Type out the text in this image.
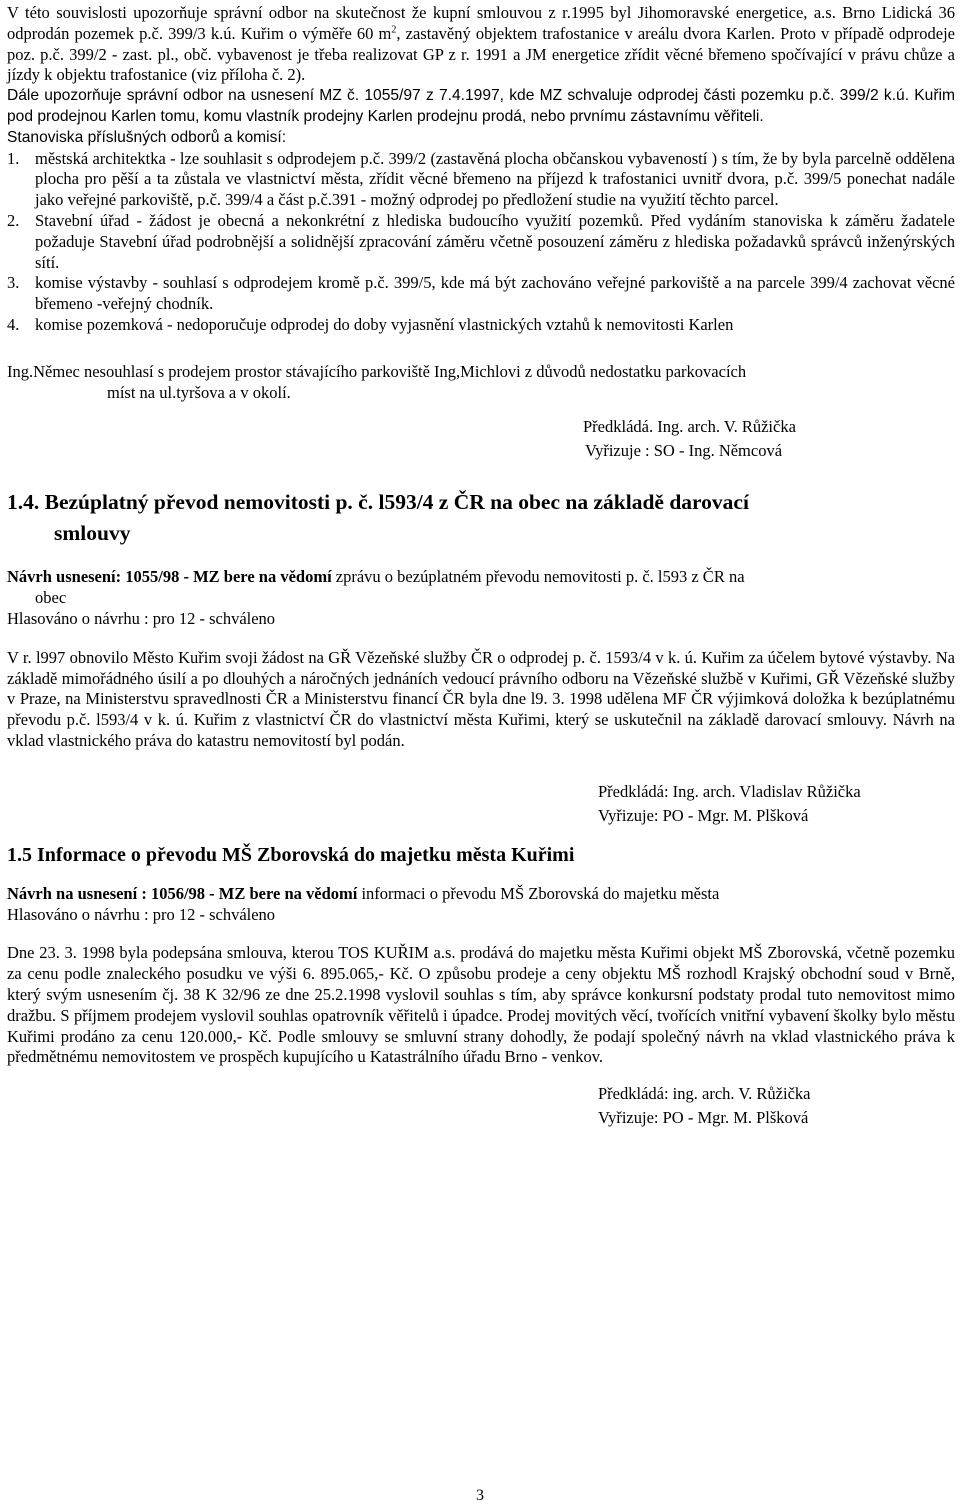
V této souvislosti upozorňuje správní odbor na skutečnost že kupní smlouvou z r.1995 byl Jihomoravské energetice, a.s. Brno Lidická 36 odprodán pozemek p.č. 399/3 k.ú. Kuřim o výměře 60 $m^2$, zastavěný objektem trafostanice v areálu dvora Karlen. Proto v případě odprodeje poz. p.č. 399/2 - zast. pl., obč. vybavenost je třeba realizovat GP z r. 1991 a JM energetice zřídit věcné břemeno spočívající v právu chůze a jízdy k objektu trafostanice (viz příloha č. 2).

Dále upozorňuje správní odbor na usnesení MZ č. 1055/97 z 7.4.1997, kde MZ schvaluje odprodej části pozemku p.č. 399/2 k.ú. Kuřim pod prodejnou Karlen tomu, komu vlastník prodejny Karlen prodejnu prodá, nebo prvnímu zástavnímu věřiteli.

Stanoviska příslušných odborů a komisí:

1. městská architektka - lze souhlasit s odprodejem p.č. 399/2 (zastavěná plocha občanskou vybaveností ) s tím, že by byla parcelně oddělena plocha pro pěší a ta zůstala ve vlastnictví města, zřídit věcné břemeno na příjezd k trafostanici uvnitř dvora, p.č. 399/5 ponechat nadále jako veřejné parkoviště, p.č. 399/4 a část p.č.391 - možný odprodej po předložení studie na využití těchto parcel.
2. Stavební úřad - žádost je obecná a nekonkrétní z hlediska budoucího využití pozemků. Před vydáním stanoviska k záměru žadatele požaduje Stavební úřad podrobnější a solidnější zpracování záměru včetně posouzení záměru z hlediska požadavků správců inženýrských sítí.
3. komise výstavby - souhlasí s odprodejem kromě p.č. 399/5, kde má být zachováno veřejné parkoviště a na parcele 399/4 zachovat věcné břemeno -veřejný chodník.
4. komise pozemková - nedoporučuje odprodej do doby vyjasnění vlastnických vztahů k nemovitosti Karlen

Ing.Němec nesouhlasí s prodejem prostor stávajícího parkoviště Ing,Michlovi z důvodů nedostatku parkovacích

míst na ul.tyršova a v okolí.

Předkládá. Ing. arch. V. Růžička

Vyřizuje : SO - Ing. Němcová

1.4. Bezúplatný převod nemovitosti p. č. l593/4 z ČR na obec na základě darovací

smlouvy

Návrh usnesení: 1055/98 - MZ bere na vědomí zprávu o bezúplatném převodu nemovitosti p. č. l593 z ČR na

obec

Hlasováno o návrhu : pro 12 - schváleno

V r. l997 obnovilo Město Kuřim svoji žádost na GŘ Vězeňské služby ČR o odprodej p. č. 1593/4 v k. ú. Kuřim za účelem bytové výstavby. Na základě mimořádného úsilí a po dlouhých a náročných jednáních vedoucí právního odboru na Vězeňské službě v Kuřimi, GŘ Vězeňské služby v Praze, na Ministerstvu spravedlnosti ČR a Ministerstvu financí ČR byla dne l9. 3. 1998 udělena MF ČR výjimková doložka k bezúplatnému převodu p.č. l593/4 v k. ú. Kuřim z vlastnictví ČR do vlastnictví města Kuřimi, který se uskutečnil na základě darovací smlouvy. Návrh na vklad vlastnického práva do katastru nemovitostí byl podán.

Předkládá: Ing. arch. Vladislav Růžička

Vyřizuje: PO - Mgr. M. Plšková

1.5 Informace o převodu MŠ Zborovská do majetku města Kuřimi

Návrh na usnesení : 1056/98 - MZ bere na vědomí informaci o převodu MŠ Zborovská do majetku města

Hlasováno o návrhu : pro 12 - schváleno

Dne 23. 3. 1998 byla podepsána smlouva, kterou TOS KUŘIM a.s. prodává do majetku města Kuřimi objekt MŠ Zborovská, včetně pozemku za cenu podle znaleckého posudku ve výši 6. 895.065,- Kč. O způsobu prodeje a ceny objektu MŠ rozhodl Krajský obchodní soud v Brně, který svým usnesením čj. 38 K 32/96 ze dne 25.2.1998 vyslovil souhlas s tím, aby správce konkursní podstaty prodal tuto nemovitost mimo dražbu. S příjmem prodejem vyslovil souhlas opatrovník věřitelů i úpadce. Prodej movitých věcí, tvořících vnitřní vybavení školky bylo městu Kuřimi prodáno za cenu 120.000,- Kč. Podle smlouvy se smluvní strany dohodly, že podají společný návrh na vklad vlastnického práva k předmětnému nemovitostem ve prospěch kupujícího u Katastrálního úřadu Brno - venkov.

Předkládá: ing. arch. V. Růžička

Vyřizuje: PO - Mgr. M. Plšková

3
